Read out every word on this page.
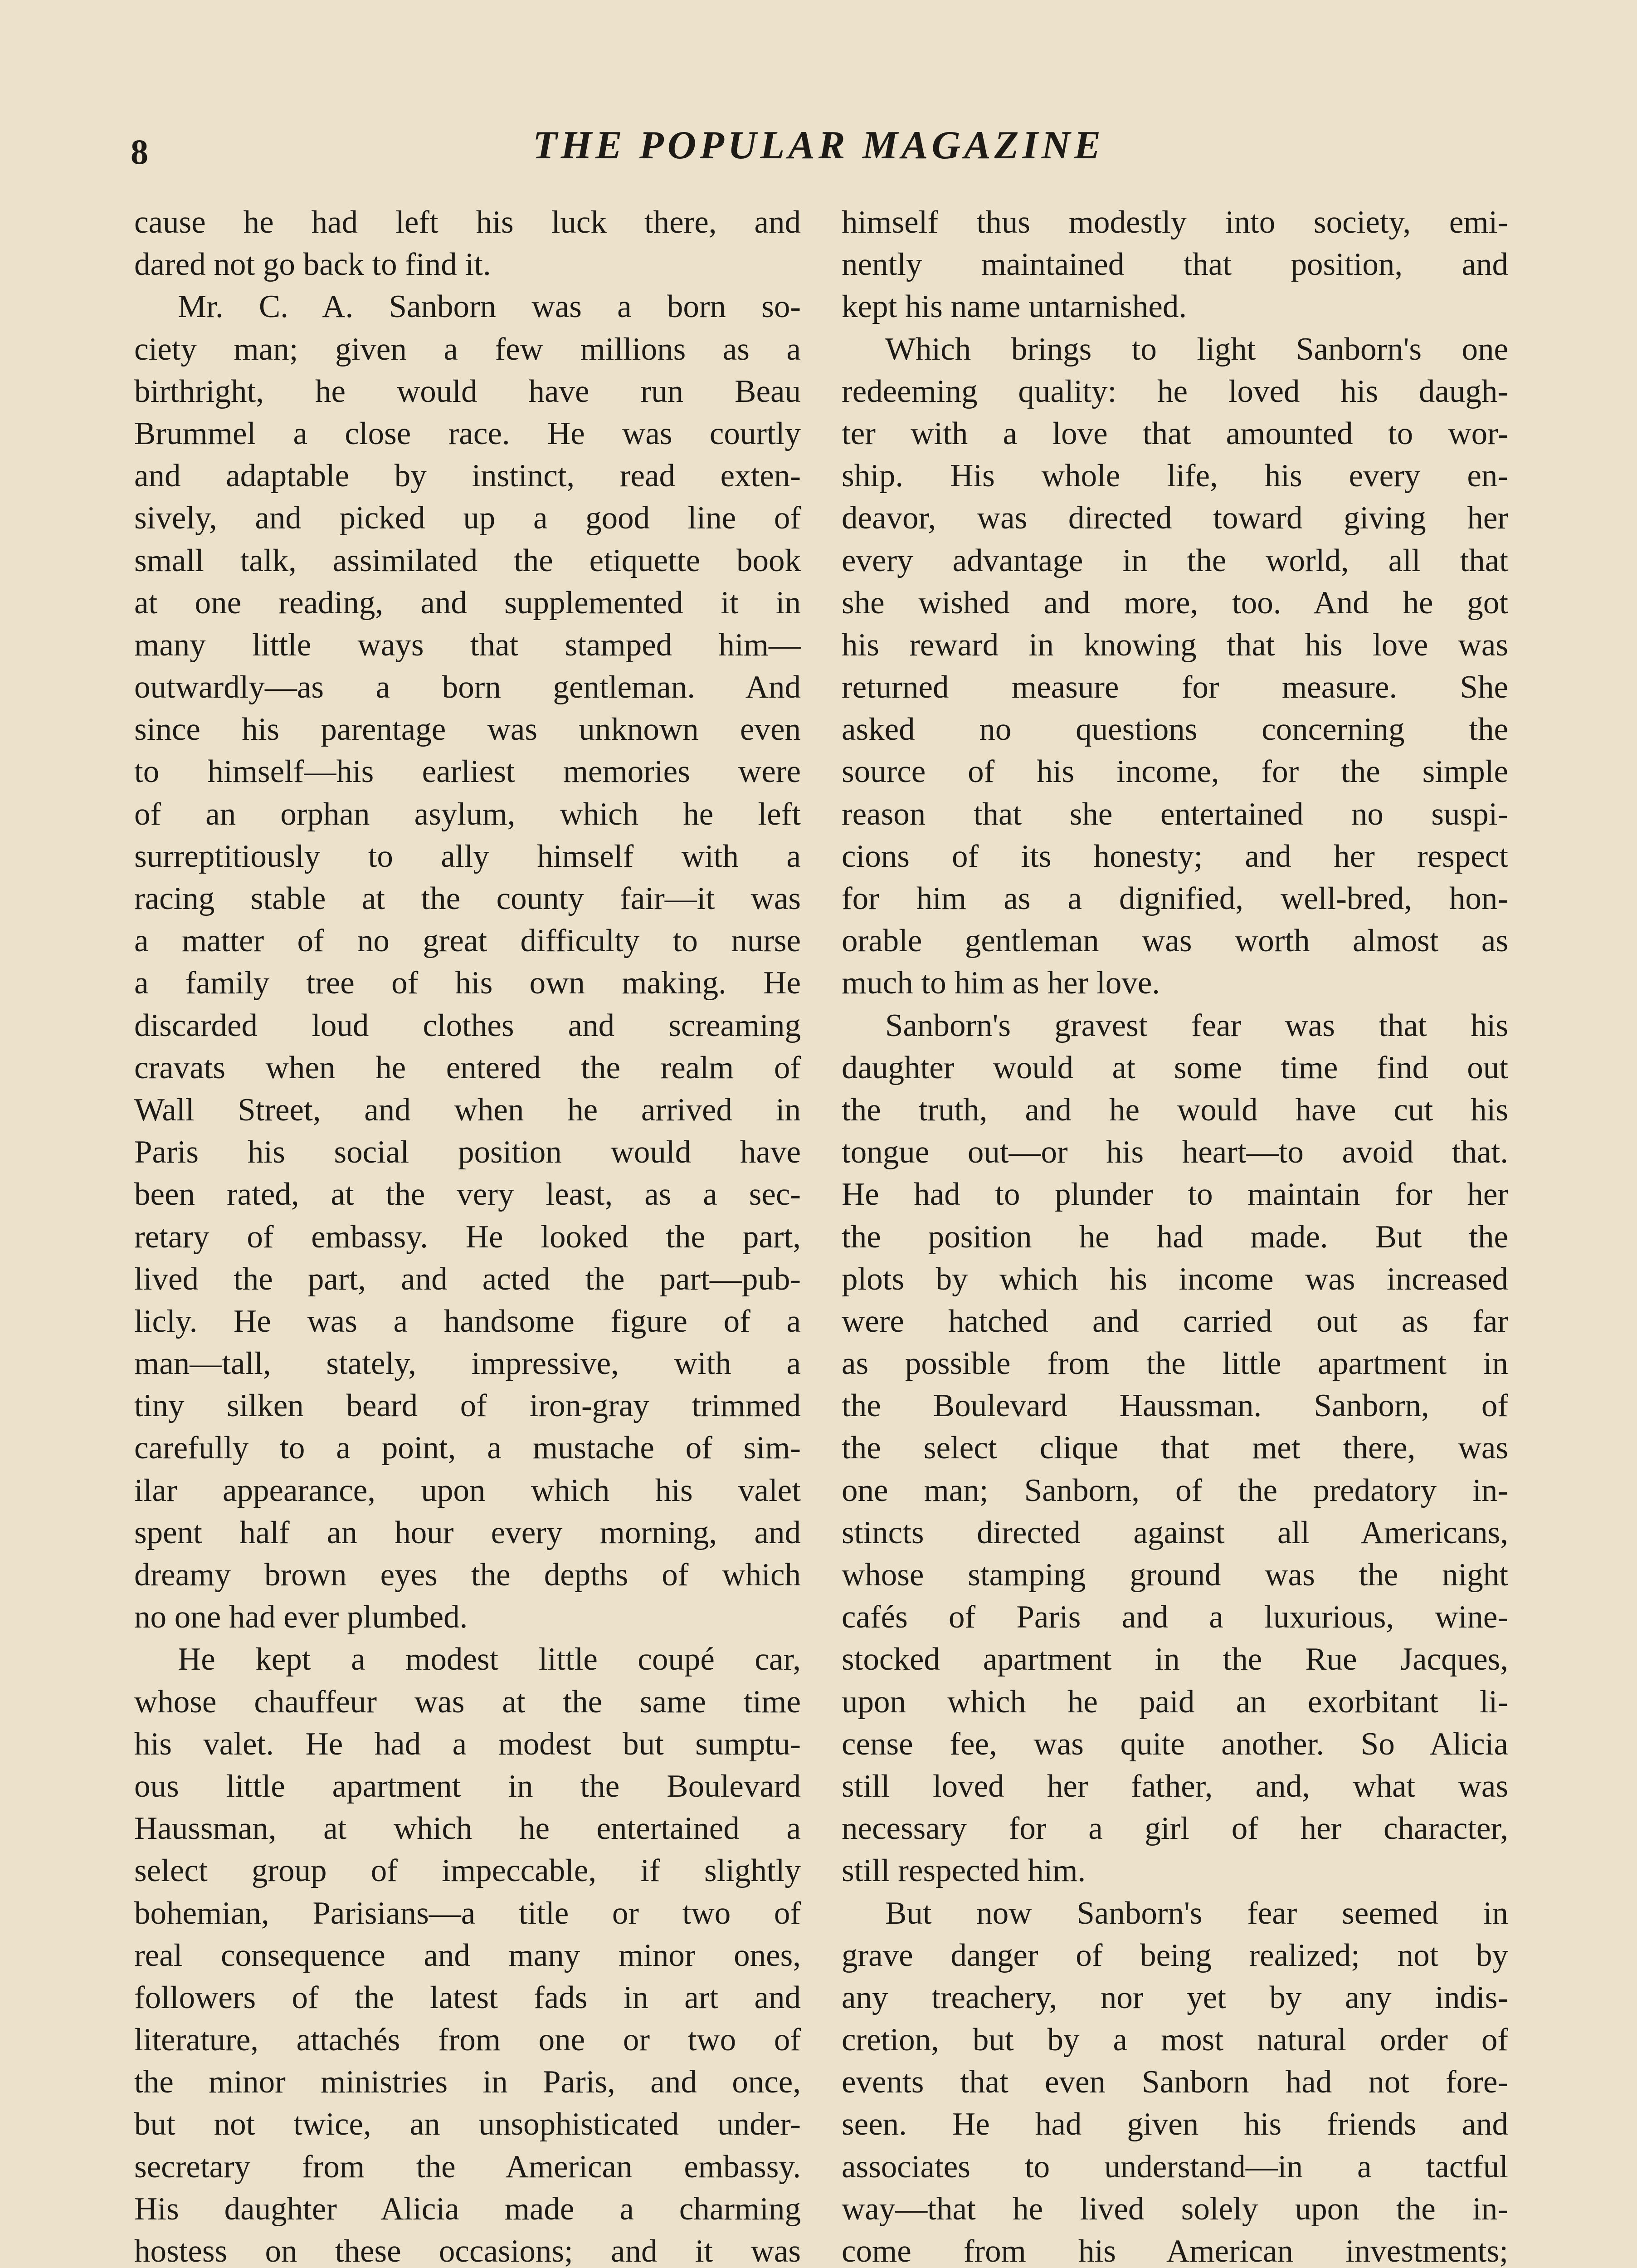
8	THE POPULAR MAGAZINE
cause he had left his luck there, and
dared not go back to find it.
Mr. C. A. Sanborn was a born so-
ciety man; given a few millions as a
birthright, he would have run Beau
Brummel a close race. He was courtly
and adaptable by instinct, read exten-
sively, and picked up a good line of
small talk, assimilated the etiquette book
at one reading, and supplemented it in
many little ways that stamped him—
outwardly—as a born gentleman. And
since his parentage was unknown even
to himself—his earliest memories were
of an orphan asylum, which he left
surreptitiously to ally himself with a
racing stable at the county fair—it was
a matter of no great difficulty to nurse
a family tree of his own making. He
discarded loud clothes and screaming
cravats when he entered the realm of
Wall Street, and when he arrived in
Paris his social position would have
been rated, at the very least, as a sec-
retary of embassy. He looked the part,
lived the part, and acted the part—pub-
licly. He was a handsome figure of a
man—tall, stately, impressive, with a
tiny silken beard of iron-gray trimmed
carefully to a point, a mustache of sim-
ilar appearance, upon which his valet
spent half an hour every morning, and
dreamy brown eyes the depths of which
no one had ever plumbed.
He kept a modest little coupé car,
whose chauffeur was at the same time
his valet. He had a modest but sumptu-
ous little apartment in the Boulevard
Haussman, at which he entertained a
select group of impeccable, if slightly
bohemian, Parisians—a title or two of
real consequence and many minor ones,
followers of the latest fads in art and
literature, attachés from one or two of
the minor ministries in Paris, and once,
but not twice, an unsophisticated under-
secretary from the American embassy.
His daughter Alicia made a charming
hostess on these occasions; and it was
himself thus modestly into society, emi-
nently maintained that position, and
kept his name untarnished.
Which brings to light Sanborn's one
redeeming quality: he loved his daugh-
ter with a love that amounted to wor-
ship. His whole life, his every en-
deavor, was directed toward giving her
every advantage in the world, all that
she wished and more, too. And he got
his reward in knowing that his love was
returned measure for measure. She
asked no questions concerning the
source of his income, for the simple
reason that she entertained no suspi-
cions of its honesty; and her respect
for him as a dignified, well-bred, hon-
orable gentleman was worth almost as
much to him as her love.
Sanborn's gravest fear was that his
daughter would at some time find out
the truth, and he would have cut his
tongue out—or his heart—to avoid that.
He had to plunder to maintain for her
the position he had made. But the
plots by which his income was increased
were hatched and carried out as far
as possible from the little apartment in
the Boulevard Haussman. Sanborn, of
the select clique that met there, was
one man; Sanborn, of the predatory in-
stincts directed against all Americans,
whose stamping ground was the night
cafés of Paris and a luxurious, wine-
stocked apartment in the Rue Jacques,
upon which he paid an exorbitant li-
cense fee, was quite another. So Alicia
still loved her father, and, what was
necessary for a girl of her character,
still respected him.
But now Sanborn's fear seemed in
grave danger of being realized; not by
any treachery, nor yet by any indis-
cretion, but by a most natural order of
events that even Sanborn had not fore-
seen. He had given his friends and
associates to understand—in a tactful
way—that he lived solely upon the in-
come from his American investments;
